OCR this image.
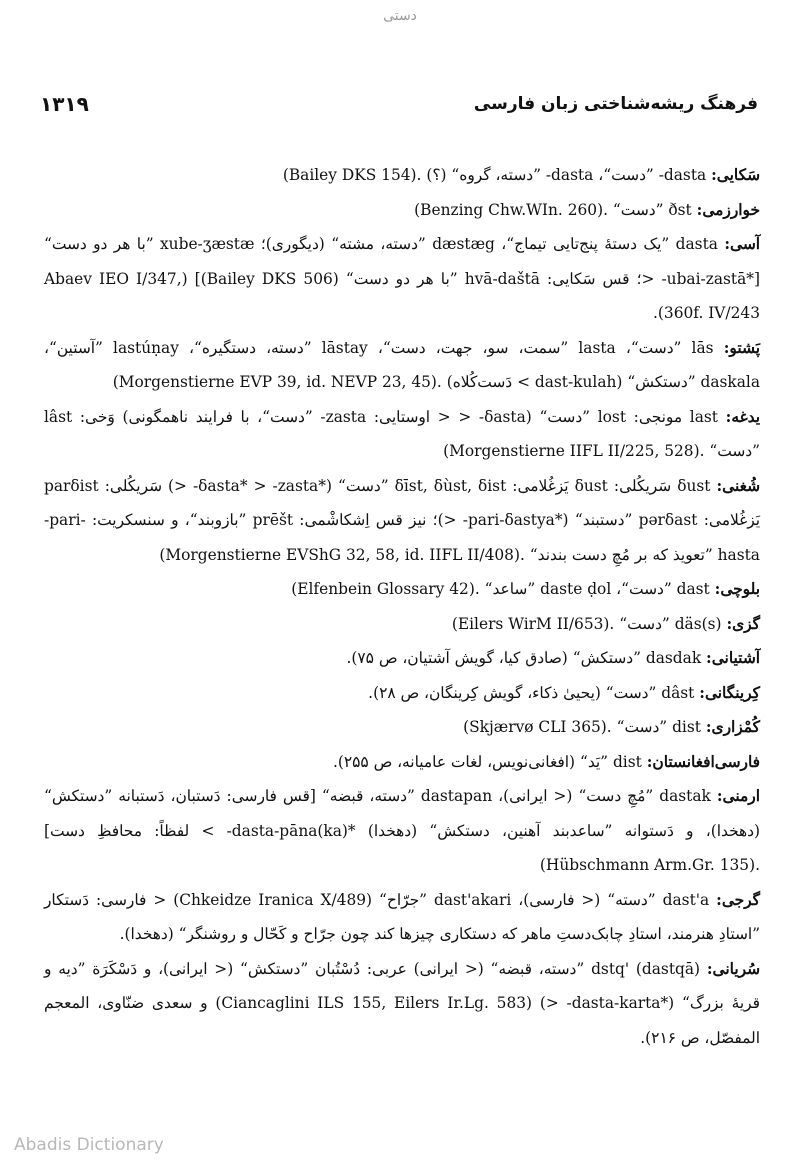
دستی
فرهنگ ریشه‌شناختی زبان فارسی
۱۳۱۹

سَکایی: ‎-dasta‎ ”دست“، ‎-dasta‎ ”دسته، گروه“ (؟) ‎(Bailey DKS 154).‎

خوارزمی: ‎ðst‎ ”دست“ ‎(Benzing Chw.WIn. 260).‎

آسی: ‎dasta‎ ”یک دستهٔ پنج‌تایی تیماج“، ‎dæstæg‎ ”دسته، مشته“ (دیگوری)؛ ‎xube-ʒæstæ‎ ”با هر دو دست“ [‎> -ubai-zastā*‎؛ قس سَکایی: ‎hvā-daštā‎ ”با هر دو دست“ ‎(Bailey DKS 506)] (Abaev IEO I/347, 360f. IV/243).‎

پَشتو: ‎lās‎ ”دست“، ‎lasta‎ ”سمت، سو، جهت، دست“، ‎lāstay‎ ”دسته، دستگیره“، ‎lastúṇay‎ ”آستین“، ‎daskala‎ ”دستکش“ (‎< dast-kulah‎ دَست‌کُلاه) ‎(Morgenstierne EVP 39, id. NEVP 23, 45).‎

یدغه: ‎last‎ مونجی: ‎lost‎ ”دست“ (‎> -δasta‎ < اوستایی: ‎-zasta‎ ”دست“، با فرایند ناهمگونی) وَخی: ‎lâst‎ ”دست“ ‎(Morgenstierne IIFL II/225, 528).‎

شُغنی: ‎δust‎ سَریکُلی: ‎δust‎ یَزغُلامی: ‎δīst, δùst, δist‎ ”دست“ (‎> -δasta* > -zasta*‎) سَریکُلی: ‎parδist‎ یَزغُلامی: ‎pərδast‎ ”دستبند“ (‎> -pari-δastya*‎)؛ نیز قس اِشکاشْمی: ‎prēšt‎ ”بازوبند“، و سنسکریت: ‎-pari-hasta‎ ”تعویذ که بر مُچِ دست بندند“ ‎(Morgenstierne EVShG 32, 58, id. IIFL II/408).‎

بلوچی: ‎dast‎ ”دست“، ‎daste ḍol‎ ”ساعد“ ‎(Elfenbein Glossary 42).‎

گزی: ‎däs(s)‎ ”دست“ ‎(Eilers WirM II/653).‎

آشتیانی: ‎dasdak‎ ”دستکش“ (صادق کیا، گویش آشتیان، ص ۷۵).

کِرینگانی: ‎dâst‎ ”دست“ (یحییٰ ذکاء، گویش کِرینگان، ص ۲۸).

کُمْزاری: ‎dist‎ ”دست“ ‎(Skjærvø CLI 365).‎

فارسی‌افغانستان: ‎dist‎ ”یَد“ (افغانی‌نویس، لغات عامیانه، ص ۲۵۵).

ارمنی: ‎dastak‎ ”مُچِ دست“ (< ایرانی)، ‎dastapan‎ ”دسته، قبضه“ [قس فارسی: دَستبان، دَستبانه ”دستکش“ (دهخدا)، و دَستوانه ”ساعدبند آهنین، دستکش“ (دهخدا) ‎< -dasta-pāna(ka)*‎ لفظاً: محافظِ دست] ‎(Hübschmann Arm.Gr. 135).‎

گرجی: ‎dast'a‎ ”دسته“ (< فارسی)، ‎dast'akari‎ ”جرّاح“ ‎(Chkeidze Iranica X/489)‎ < فارسی: دَستکار ”استادِ هنرمند، استادِ چابک‌دستِ ماهر که دستکاری چیزها کند چون جرّاح و کَحّال و روشنگر“ (دهخدا).

سُریانی: ‎dstq'‎ ‎(dastqā)‎ ”دسته، قبضه“ (< ایرانی) عربی: دُسْتُبان ”دستکش“ (< ایرانی)، و دَسْکَرَة ”دیه و قریهٔ بزرگ“ (‎> -dasta-karta*‎) ‎(Ciancaglini ILS 155, Eilers Ir.Lg. 583)‎ و سعدی ضنّاوی، المعجم المفصّل، ص ۲۱۶).

Abadis Dictionary
